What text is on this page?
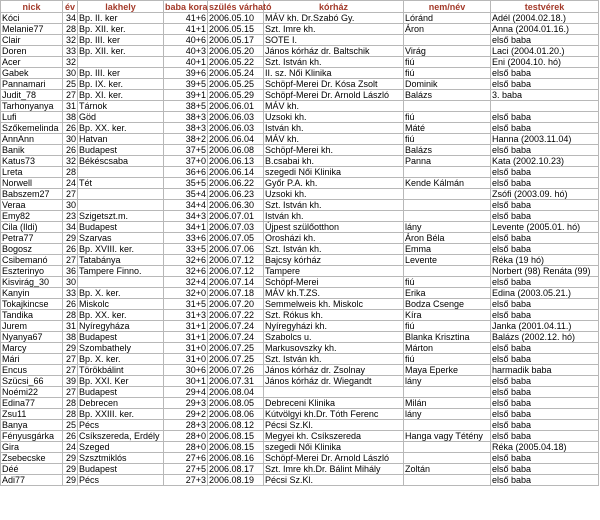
nick	év	lakhely	baba kora	szülés várható	kórház	nem/név	testvérek
Kóci	34	Bp. II. ker	41+6	2006.05.10	MÁV kh. Dr.Szabó Gy.	Lóránd	Adél (2004.02.18.)
Melanie77	28	Bp. XII. ker.	41+1	2006.05.15	Szt. Imre kh.	Áron	Anna (2004.01.16.)
Clair	32	Bp. III. ker	40+6	2006.05.17	SOTE I.		első baba
Doren	33	Bp. XII. ker.	40+3	2006.05.20	János kórház dr. Baltschik	Virág	Laci (2004.01.20.)
Acer	32		40+1	2006.05.22	Szt. István kh.	fiú	Eni (2004.10. hó)
Gabek	30	Bp. III. ker	39+6	2006.05.24	II. sz. Női Klinika	fiú	első baba
Pannamari	25	Bp. IX. ker.	39+5	2006.05.25	Schöpf-Merei Dr. Kósa Zsolt	Dominik	első baba
Judit_78	27	Bp. XI. ker.	39+1	2006.05.29	Schöpf-Merei Dr. Arnold László	Balázs	3. baba
Tarhonyanya	31	Tárnok	38+5	2006.06.01	MÁV kh.		
Lufi	38	Göd	38+3	2006.06.03	Uzsoki kh.	fiú	első baba
Szőkemelinda	26	Bp. XX. ker.	38+3	2006.06.03	István kh.	Máté	első baba
AnnAnn	30	Hatvan	38+2	2006.06.04	MÁV kh.	fiú	Hanna (2003.11.04)
Banik	26	Budapest	37+5	2006.06.08	Schöpf-Merei kh.	Balázs	első baba
Katus73	32	Békéscsaba	37+0	2006.06.13	B.csabai kh.	Panna	Kata (2002.10.23)
Lreta	28		36+6	2006.06.14	szegedi Női Klinika		első baba
Norwell	24	Tét	35+5	2006.06.22	Győr P.A. kh.	Kende Kálmán	első baba
Babszem27	27		35+4	2006.06.23	Uzsoki kh.		Zsófi (2003.09. hó)
Veraa	30		34+4	2006.06.30	Szt. István kh.		első baba
Emy82	23	Szigetszt.m.	34+3	2006.07.01	István kh.		első baba
Cila (Ildi)	34	Budapest	34+1	2006.07.03	Újpest szülőotthon	lány	Levente (2005.01. hó)
Petra77	29	Szarvas	33+6	2006.07.05	Orosházi kh.	Áron Béla	első baba
Bogosz	26	Bp. XVIII. ker.	33+5	2006.07.06	Szt. István kh.	Emma	első baba
Csibemanó	27	Tatabánya	32+6	2006.07.12	Bajcsy kórház	Levente	Réka (19 hó)
Eszterinyo	36	Tampere Finno.	32+6	2006.07.12	Tampere		Norbert (98) Renáta (99)
Kisvirág_30	30		32+4	2006.07.14	Schöpf-Merei	fiú	első baba
Kanyin	33	Bp. X. ker.	32+0	2006.07.18	MÁV kh.T.ZS.	Erika	Edina (2003.05.21.)
Tokajkincse	26	Miskolc	31+5	2006.07.20	Semmelweis kh. Miskolc	Bodza Csenge	első baba
Tandika	28	Bp. XX. ker.	31+3	2006.07.22	Szt. Rókus kh.	Kíra	első baba
Jurem	31	Nyíregyháza	31+1	2006.07.24	Nyíregyházi kh.	fiú	Janka (2001.04.11.)
Nyanya67	38	Budapest	31+1	2006.07.24	Szabolcs u.	Blanka Krisztina	Balázs (2002.12. hó)
Marcy	29	Szombathely	31+0	2006.07.25	Markusovszky kh.	Márton	első baba
Mári	27	Bp. X. ker.	31+0	2006.07.25	Szt. István kh.	fiú	első baba
Encus	27	Törökbálint	30+6	2006.07.26	János kórház dr. Zsolnay	Maya Eperke	harmadik baba
Szücsi_66	39	Bp. XXI. Ker	30+1	2006.07.31	János kórház dr. Wiegandt	lány	első baba
Noémi22	27	Budapest	29+4	2006.08.04			első baba
Edina77	28	Debrecen	29+3	2006.08.05	Debreceni Klinika	Milán	első baba
Zsu11	28	Bp. XXIII. ker.	29+2	2006.08.06	Kútvölgyi kh.Dr. Tóth Ferenc	lány	első baba
Banya	25	Pécs	28+3	2006.08.12	Pécsi Sz.Kl.		első baba
Fényusgárka	26	Csíkszereda, Erdély	28+0	2006.08.15	Megyei kh. Csíkszereda	Hanga vagy Tétény	első baba
Gira	24	Szeged	28+0	2006.08.15	szegedi Női Klinika		Réka (2005.04.18)
Zsebecske	29	Szsztmiklós	27+6	2006.08.16	Schöpf-Merei Dr. Arnold László		első baba
Déé	29	Budapest	27+5	2006.08.17	Szt. Imre kh.Dr. Bálint Mihály	Zoltán	első baba
Adi77	29	Pécs	27+3	2006.08.19	Pécsi Sz.Kl.		első baba
